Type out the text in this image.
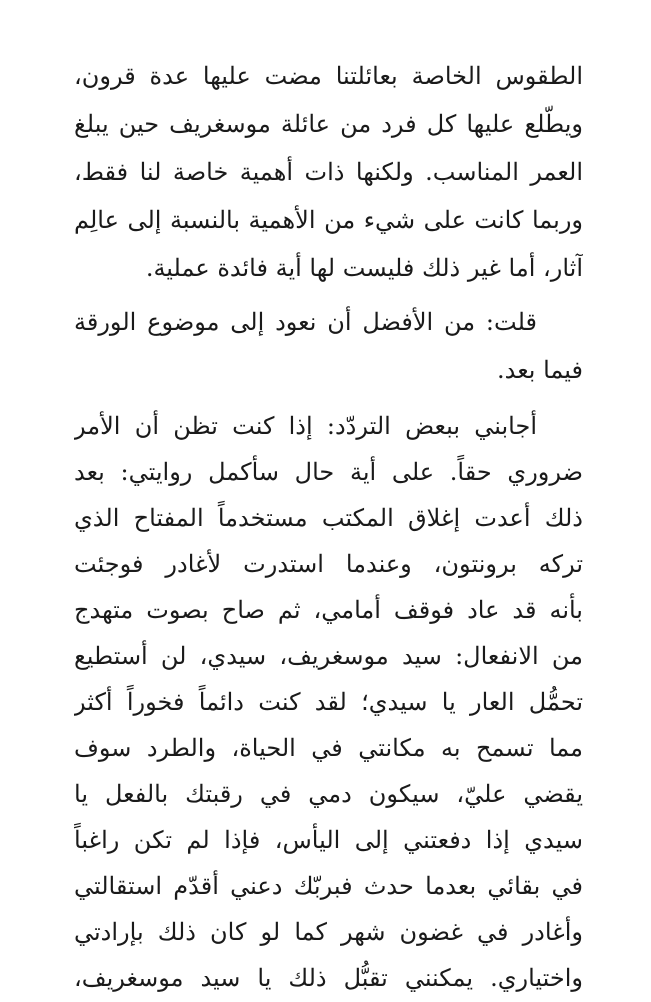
الطقوس الخاصة بعائلتنا مضت عليها عدة قرون،
ويطّلع عليها كل فرد من عائلة موسغريف حين يبلغ
العمر المناسب. ولكنها ذات أهمية خاصة لنا فقط،
وربما كانت على شيء من الأهمية بالنسبة إلى عالِم
آثار، أما غير ذلك فليست لها أية فائدة عملية.
قلت: من الأفضل أن نعود إلى موضوع الورقة
فيما بعد.
أجابني ببعض التردّد: إذا كنت تظن أن الأمر
ضروري حقاً. على أية حال سأكمل روايتي: بعد
ذلك أعدت إغلاق المكتب مستخدماً المفتاح الذي
تركه برونتون، وعندما استدرت لأغادر فوجئت
بأنه قد عاد فوقف أمامي، ثم صاح بصوت متهدج
من الانفعال: سيد موسغريف، سيدي، لن أستطيع
تحمُّل العار يا سيدي؛ لقد كنت دائماً فخوراً أكثر
مما تسمح به مكانتي في الحياة، والطرد سوف
يقضي عليّ، سيكون دمي في رقبتك بالفعل يا
سيدي إذا دفعتني إلى اليأس، فإذا لم تكن راغباً
في بقائي بعدما حدث فبربّك دعني أقدّم استقالتي
وأغادر في غضون شهر كما لو كان ذلك بإرادتي
واختياري. يمكنني تقبُّل ذلك يا سيد موسغريف،
